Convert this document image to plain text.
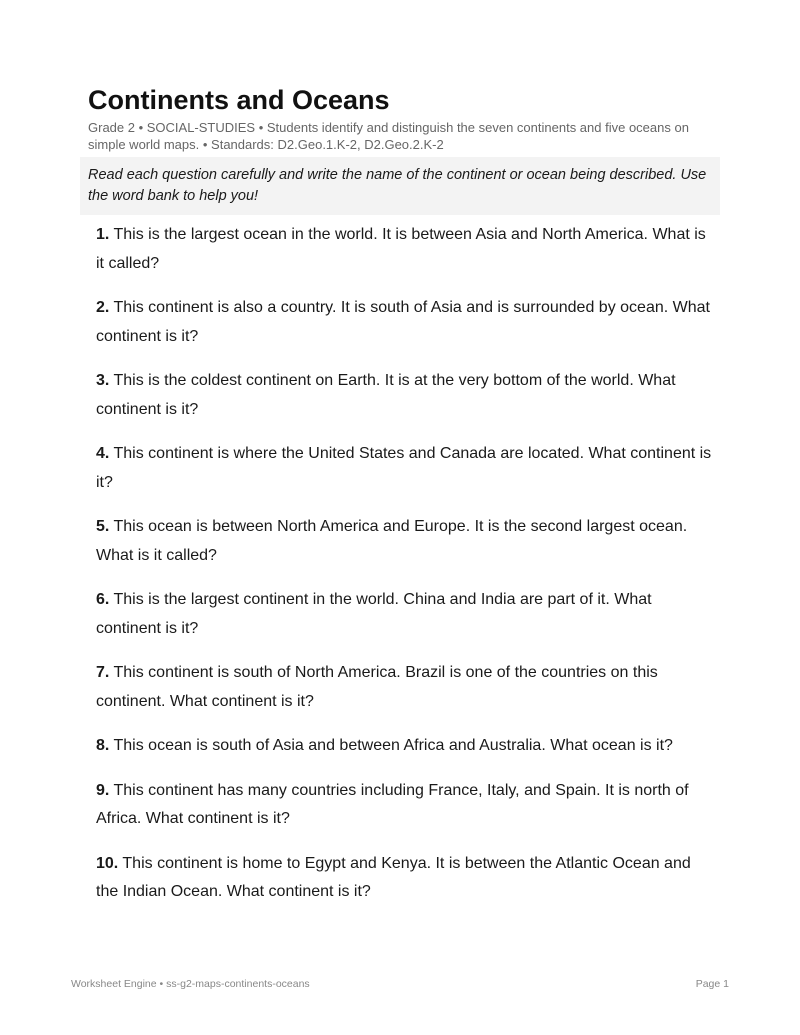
Continents and Oceans
Grade 2 • SOCIAL-STUDIES • Students identify and distinguish the seven continents and five oceans on simple world maps. • Standards: D2.Geo.1.K-2, D2.Geo.2.K-2
Read each question carefully and write the name of the continent or ocean being described. Use the word bank to help you!
1. This is the largest ocean in the world. It is between Asia and North America. What is it called?
2. This continent is also a country. It is south of Asia and is surrounded by ocean. What continent is it?
3. This is the coldest continent on Earth. It is at the very bottom of the world. What continent is it?
4. This continent is where the United States and Canada are located. What continent is it?
5. This ocean is between North America and Europe. It is the second largest ocean. What is it called?
6. This is the largest continent in the world. China and India are part of it. What continent is it?
7. This continent is south of North America. Brazil is one of the countries on this continent. What continent is it?
8. This ocean is south of Asia and between Africa and Australia. What ocean is it?
9. This continent has many countries including France, Italy, and Spain. It is north of Africa. What continent is it?
10. This continent is home to Egypt and Kenya. It is between the Atlantic Ocean and the Indian Ocean. What continent is it?
Worksheet Engine • ss-g2-maps-continents-oceans	Page 1
